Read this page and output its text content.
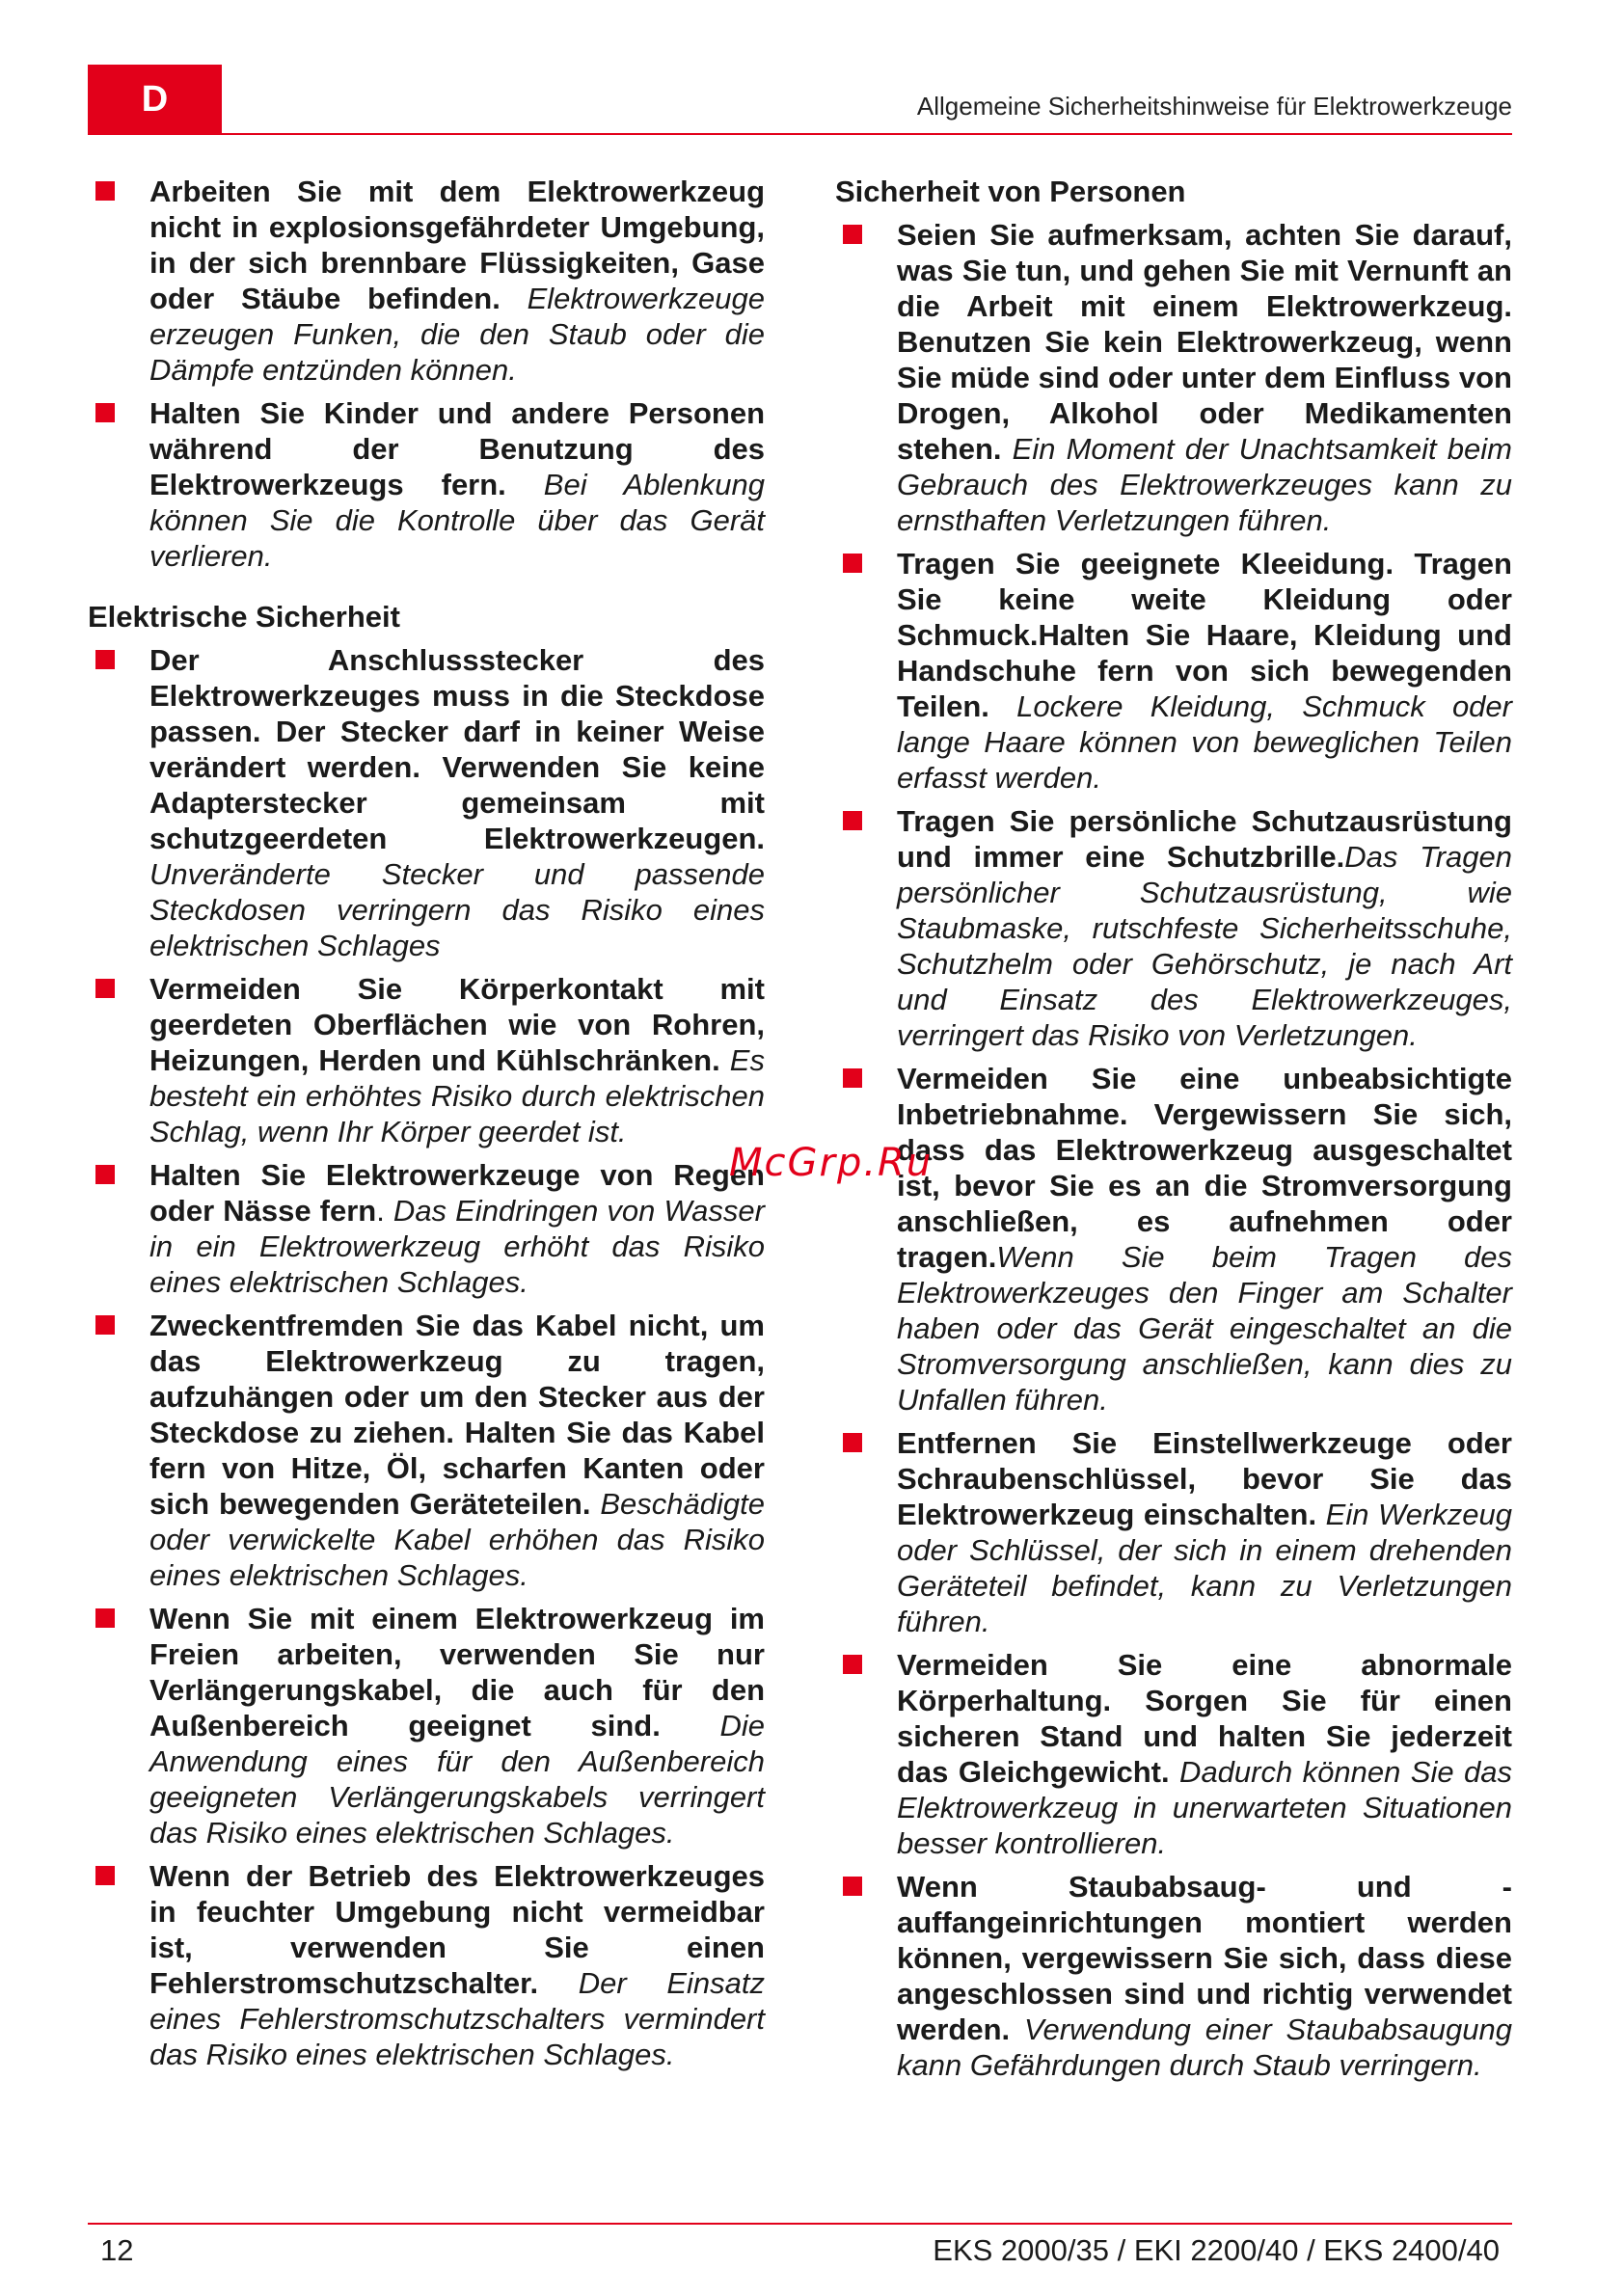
D	Allgemeine Sicherheitshinweise für Elektrowerkzeuge
Arbeiten Sie mit dem Elektrowerkzeug nicht in explosionsgefährdeter Umgebung, in der sich brennbare Flüssigkeiten, Gase oder Stäube befinden. Elektrowerkzeuge erzeugen Funken, die den Staub oder die Dämpfe entzünden können.
Halten Sie Kinder und andere Personen während der Benutzung des Elektrowerkzeugs fern. Bei Ablenkung können Sie die Kontrolle über das Gerät verlieren.
Elektrische Sicherheit
Der Anschlussstecker des Elektrowerkzeuges muss in die Steckdose passen. Der Stecker darf in keiner Weise verändert werden. Verwenden Sie keine Adapterstecker gemeinsam mit schutzgeerdeten Elektrowerkzeugen. Unveränderte Stecker und passende Steckdosen verringern das Risiko eines elektrischen Schlages
Vermeiden Sie Körperkontakt mit geerdeten Oberflächen wie von Rohren, Heizungen, Herden und Kühlschränken. Es besteht ein erhöhtes Risiko durch elektrischen Schlag, wenn Ihr Körper geerdet ist.
Halten Sie Elektrowerkzeuge von Regen oder Nässe fern. Das Eindringen von Wasser in ein Elektrowerkzeug erhöht das Risiko eines elektrischen Schlages.
Zweckentfremden Sie das Kabel nicht, um das Elektrowerkzeug zu tragen, aufzuhängen oder um den Stecker aus der Steckdose zu ziehen. Halten Sie das Kabel fern von Hitze, Öl, scharfen Kanten oder sich bewegenden Geräteteilen. Beschädigte oder verwickelte Kabel erhöhen das Risiko eines elektrischen Schlages.
Wenn Sie mit einem Elektrowerkzeug im Freien arbeiten, verwenden Sie nur Verlängerungskabel, die auch für den Außenbereich geeignet sind. Die Anwendung eines für den Außenbereich geeigneten Verlängerungskabels verringert das Risiko eines elektrischen Schlages.
Wenn der Betrieb des Elektrowerkzeuges in feuchter Umgebung nicht vermeidbar ist, verwenden Sie einen Fehlerstromschutzschalter. Der Einsatz eines Fehlerstromschutzschalters vermindert das Risiko eines elektrischen Schlages.
Sicherheit von Personen
Seien Sie aufmerksam, achten Sie darauf, was Sie tun, und gehen Sie mit Vernunft an die Arbeit mit einem Elektrowerkzeug. Benutzen Sie kein Elektrowerkzeug, wenn Sie müde sind oder unter dem Einfluss von Drogen, Alkohol oder Medikamenten stehen. Ein Moment der Unachtsamkeit beim Gebrauch des Elektrowerkzeuges kann zu ernsthaften Verletzungen führen.
Tragen Sie geeignete Kleeidung. Tragen Sie keine weite Kleidung oder Schmuck.Halten Sie Haare, Kleidung und Handschuhe fern von sich bewegenden Teilen. Lockere Kleidung, Schmuck oder lange Haare können von beweglichen Teilen erfasst werden.
Tragen Sie persönliche Schutzausrüstung und immer eine Schutzbrille.Das Tragen persönlicher Schutzausrüstung, wie Staubmaske, rutschfeste Sicherheitsschuhe, Schutzhelm oder Gehörschutz, je nach Art und Einsatz des Elektrowerkzeuges, verringert das Risiko von Verletzungen.
Vermeiden Sie eine unbeabsichtigte Inbetriebnahme. Vergewissern Sie sich, dass das Elektrowerkzeug ausgeschaltet ist, bevor Sie es an die Stromversorgung anschließen, es aufnehmen oder tragen.Wenn Sie beim Tragen des Elektrowerkzeuges den Finger am Schalter haben oder das Gerät eingeschaltet an die Stromversorgung anschließen, kann dies zu Unfallen führen.
Entfernen Sie Einstellwerkzeuge oder Schraubenschlüssel, bevor Sie das Elektrowerkzeug einschalten. Ein Werkzeug oder Schlüssel, der sich in einem drehenden Geräteteil befindet, kann zu Verletzungen führen.
Vermeiden Sie eine abnormale Körperhaltung. Sorgen Sie für einen sicheren Stand und halten Sie jederzeit das Gleichgewicht. Dadurch können Sie das Elektrowerkzeug in unerwarteten Situationen besser kontrollieren.
Wenn Staubabsaug- und -auffangeinrichtungen montiert werden können, vergewissern Sie sich, dass diese angeschlossen sind und richtig verwendet werden. Verwendung einer Staubabsaugung kann Gefährdungen durch Staub verringern.
McGrp.Ru
12	EKS 2000/35 / EKI 2200/40 / EKS 2400/40
